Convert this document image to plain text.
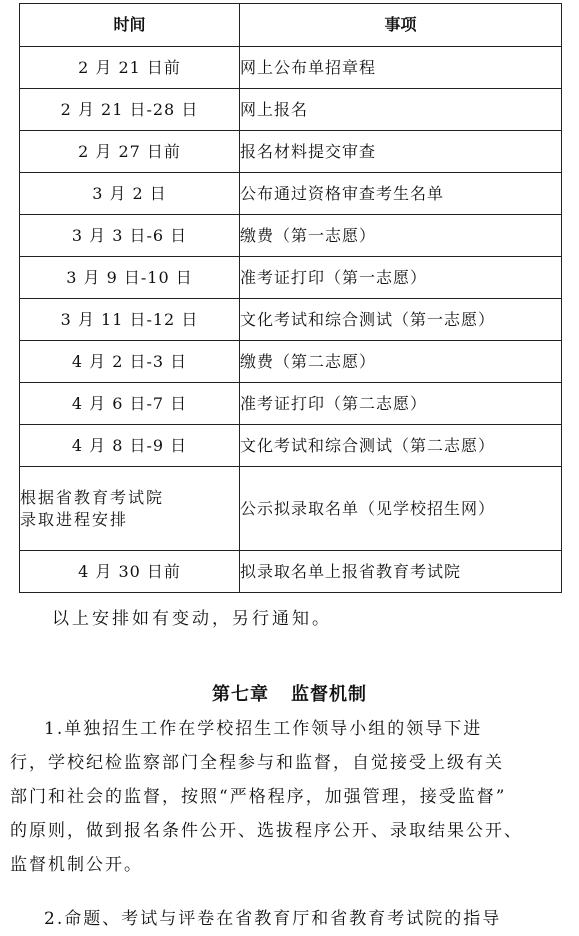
时间	事项
2 月 21 日前	网上公布单招章程
2 月 21 日-28 日	网上报名
2 月 27 日前	报名材料提交审查
3 月 2 日	公布通过资格审查考生名单
3 月 3 日-6 日	缴费（第一志愿）
3 月 9 日-10 日	准考证打印（第一志愿）
3 月 11 日-12 日	文化考试和综合测试（第一志愿）
4 月 2 日-3 日	缴费（第二志愿）
4 月 6 日-7 日	准考证打印（第二志愿）
4 月 8 日-9 日	文化考试和综合测试（第二志愿）

根据省教育考试院
录取进程安排	公示拟录取名单（见学校招生网）
4 月 30 日前	拟录取名单上报省教育考试院
以上安排如有变动，另行通知。
第七章 监督机制
1.单独招生工作在学校招生工作领导小组的领导下进
行，学校纪检监察部门全程参与和监督，自觉接受上级有关
部门和社会的监督，按照“严格程序，加强管理，接受监督”
的原则，做到报名条件公开、选拔程序公开、录取结果公开、
监督机制公开。
2.命题、考试与评卷在省教育厅和省教育考试院的指导
